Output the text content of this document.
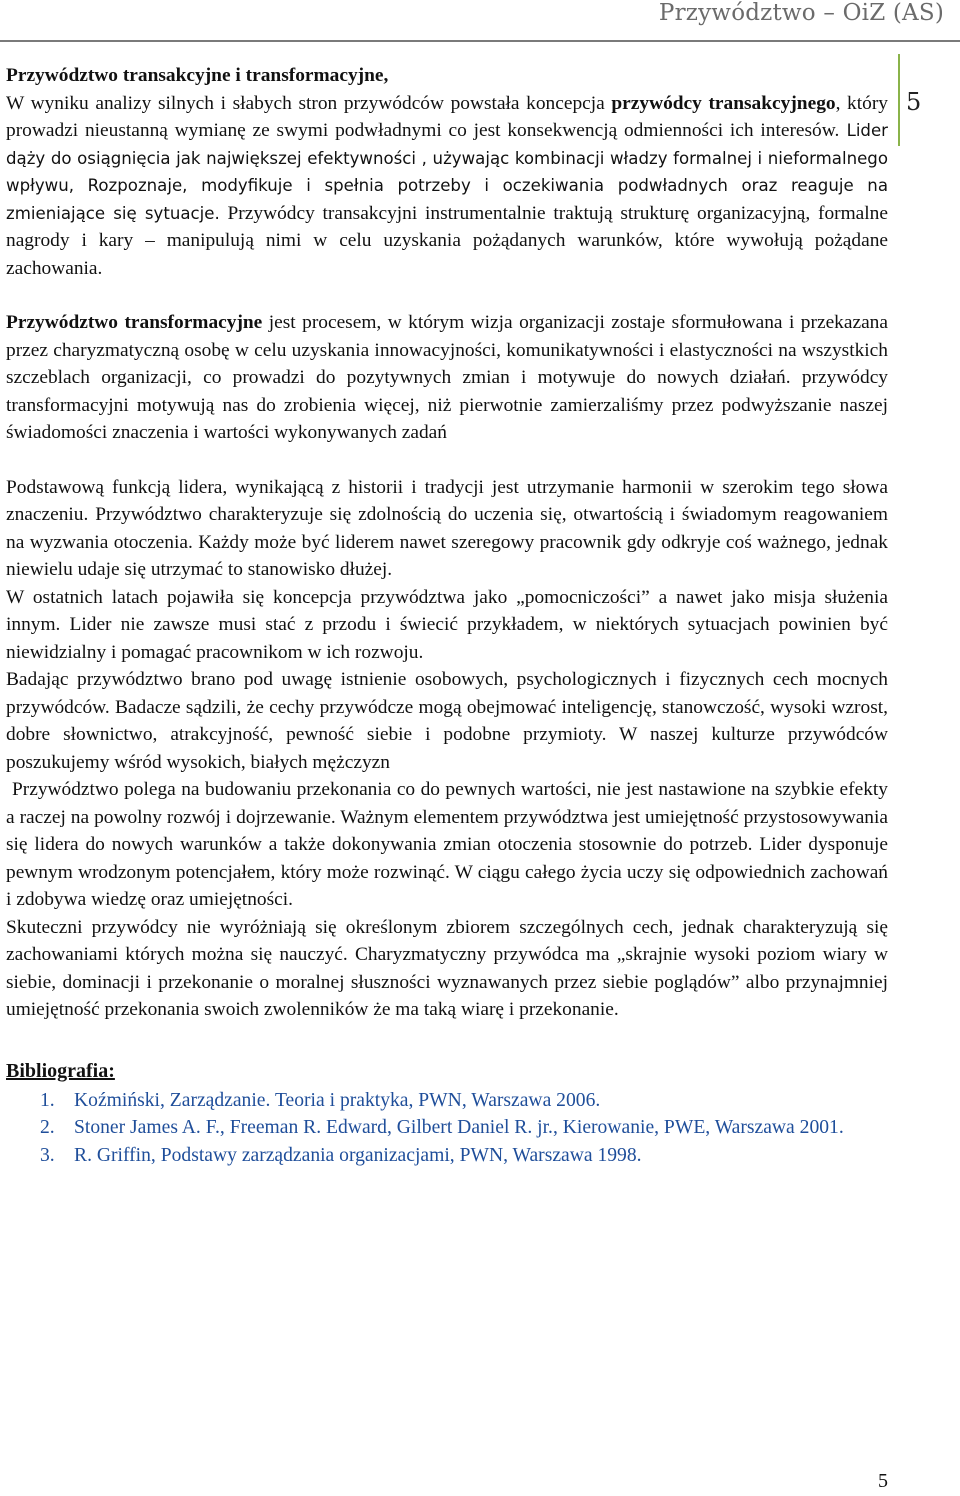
Przywództwo – OiZ (AS)
5

Przywództwo transakcyjne i transformacyjne,
W wyniku analizy silnych i słabych stron przywódców powstała koncepcja przywódcy transakcyjnego, który prowadzi nieustanną wymianę ze swymi podwładnymi co jest konsekwencją odmienności ich interesów. Lider dąży do osiągnięcia jak największej efektywności , używając kombinacji władzy formalnej i nieformalnego wpływu, Rozpoznaje, modyfikuje i spełnia potrzeby i oczekiwania podwładnych oraz reaguje na zmieniające się sytuacje. Przywódcy transakcyjni instrumentalnie traktują strukturę organizacyjną, formalne nagrody i kary – manipulują nimi w celu uzyskania pożądanych warunków, które wywołują pożądane zachowania.

Przywództwo transformacyjne jest procesem, w którym wizja organizacji zostaje sformułowana i przekazana przez charyzmatyczną osobę w celu uzyskania innowacyjności, komunikatywności i elastyczności na wszystkich szczeblach organizacji, co prowadzi do pozytywnych zmian i motywuje do nowych działań. przywódcy transformacyjni motywują nas do zrobienia więcej, niż pierwotnie zamierzaliśmy przez podwyższanie naszej świadomości znaczenia i wartości wykonywanych zadań

Podstawową funkcją lidera, wynikającą z historii i tradycji jest utrzymanie harmonii w szerokim tego słowa znaczeniu. Przywództwo charakteryzuje się zdolnością do uczenia się, otwartością i świadomym reagowaniem na wyzwania otoczenia. Każdy może być liderem nawet szeregowy pracownik gdy odkryje coś ważnego, jednak niewielu udaje się utrzymać to stanowisko dłużej.

W ostatnich latach pojawiła się koncepcja przywództwa jako „pomocniczości” a nawet jako misja służenia innym. Lider nie zawsze musi stać z przodu i świecić przykładem, w niektórych sytuacjach powinien być niewidzialny i pomagać pracownikom w ich rozwoju.

Badając przywództwo brano pod uwagę istnienie osobowych, psychologicznych i fizycznych cech mocnych przywódców. Badacze sądzili, że cechy przywódcze mogą obejmować inteligencję, stanowczość, wysoki wzrost, dobre słownictwo, atrakcyjność, pewność siebie i podobne przymioty. W naszej kulturze przywódców poszukujemy wśród wysokich, białych mężczyzn

Przywództwo polega na budowaniu przekonania co do pewnych wartości, nie jest nastawione na szybkie efekty a raczej na powolny rozwój i dojrzewanie. Ważnym elementem przywództwa jest umiejętność przystosowywania się lidera do nowych warunków a także dokonywania zmian otoczenia stosownie do potrzeb. Lider dysponuje pewnym wrodzonym potencjałem, który może rozwinąć. W ciągu całego życia uczy się odpowiednich zachowań i zdobywa wiedzę oraz umiejętności.

Skuteczni przywódcy nie wyróżniają się określonym zbiorem szczególnych cech, jednak charakteryzują się zachowaniami których można się nauczyć. Charyzmatyczny przywódca ma „skrajnie wysoki poziom wiary w siebie, dominacji i przekonanie o moralnej słuszności wyznawanych przez siebie poglądów” albo przynajmniej umiejętność przekonania swoich zwolenników że ma taką wiarę i przekonanie.

Bibliografia:
1. Koźmiński, Zarządzanie. Teoria i praktyka, PWN, Warszawa 2006.
2. Stoner James A. F., Freeman R. Edward, Gilbert Daniel R. jr., Kierowanie, PWE, Warszawa 2001.
3. R. Griffin, Podstawy zarządzania organizacjami, PWN, Warszawa 1998.
5
